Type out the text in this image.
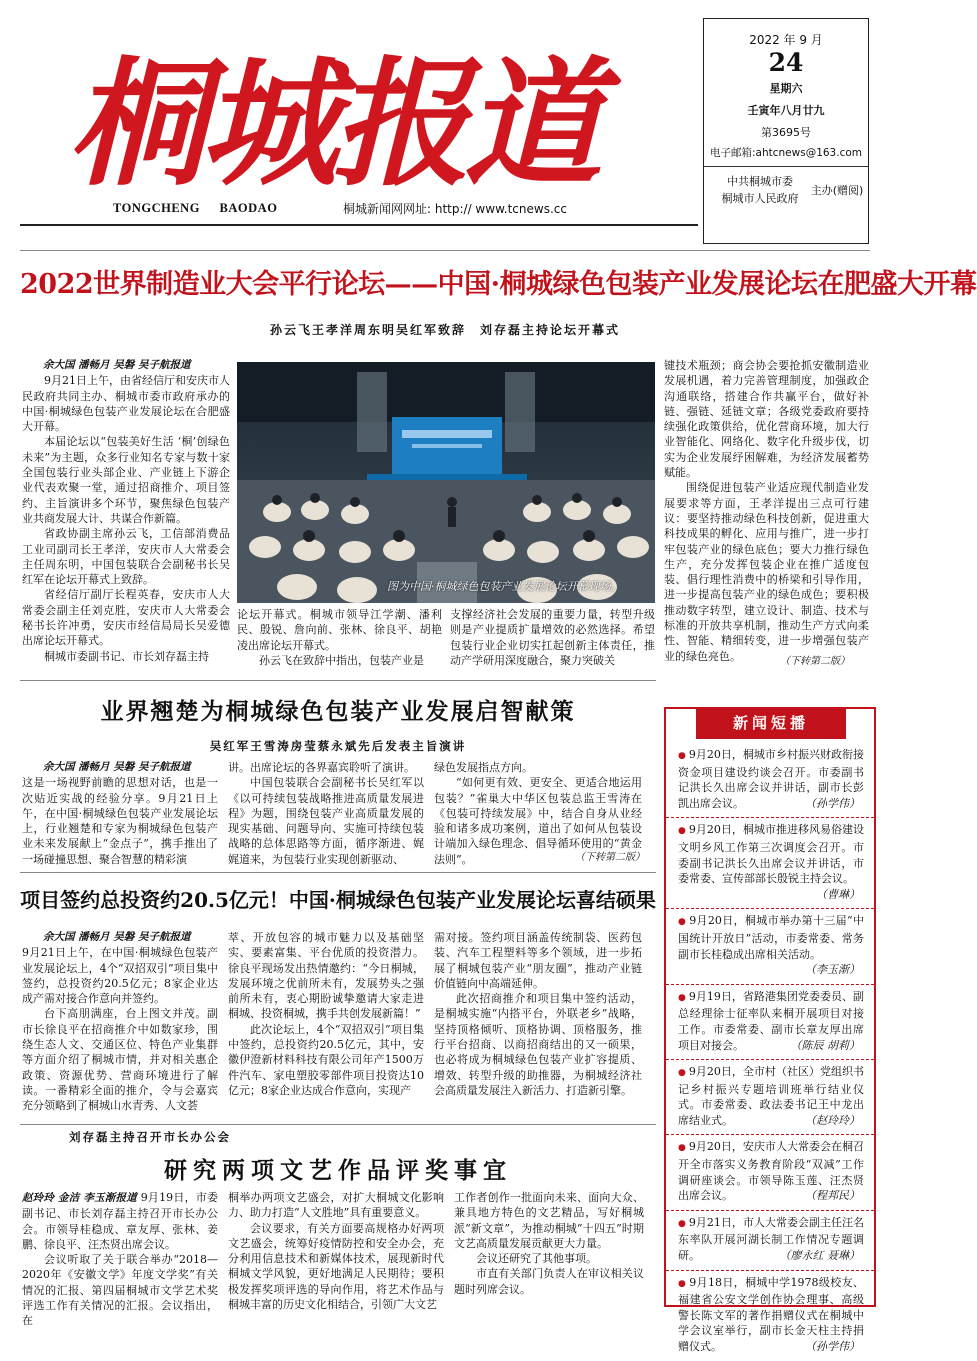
桐城报道
TONGCHENG BAODAO	桐城新闻网网址: http:// www.tcnews.cc
2022 年 9 月
24
星期六
壬寅年八月廿九
第3695号
电子邮箱:ahtcnews@163.com
中共桐城市委
桐城市人民政府
主办(赠阅)
2022世界制造业大会平行论坛——中国·桐城绿色包装产业发展论坛在肥盛大开幕
孙云飞王孝洋周东明吴红军致辞　刘存磊主持论坛开幕式
余大国 潘畅月 吴磐 吴子航报道

9月21日上午，由省经信厅和安庆市人民政府共同主办、桐城市委市政府承办的中国·桐城绿色包装产业发展论坛在合肥盛大开幕。

本届论坛以“包装美好生活 ‘桐’创绿色未来”为主题，众多行业知名专家与数十家全国包装行业头部企业、产业链上下游企业代表欢聚一堂，通过招商推介、项目签约、主旨演讲多个环节，聚焦绿色包装产业共商发展大计、共谋合作新篇。

省政协副主席孙云飞，工信部消费品工业司副司长王孝洋，安庆市人大常委会主任周东明，中国包装联合会副秘书长吴红军在论坛开幕式上致辞。

省经信厅副厅长程英春，安庆市人大常委会副主任刘克胜，安庆市人大常委会秘书长许冲勇，安庆市经信局局长吴爱德出席论坛开幕式。

桐城市委副书记、市长刘存磊主持

图为中国·桐城绿色包装产业发展论坛开幕现场。

论坛开幕式。桐城市领导江学潮、潘利民、殷锐、詹向前、张林、徐良平、胡艳凌出席论坛开幕式。

孙云飞在致辞中指出，包装产业是

支撑经济社会发展的重要力量，转型升级则是产业提质扩量增效的必然选择。希望包装行业企业切实扛起创新主体责任，推动产学研用深度融合，聚力突破关

键技术瓶颈；商会协会要抢抓安徽制造业发展机遇，着力完善管理制度，加强政企沟通联络，搭建合作共赢平台，做好补链、强链、延链文章；各级党委政府要持续强化政策供给，优化营商环境，加大行业智能化、网络化、数字化升级步伐，切实为企业发展纾困解难，为经济发展蓄势赋能。

围绕促进包装产业适应现代制造业发展要求等方面，王孝洋提出三点可行建议：要坚持推动绿色科技创新，促进重大科技成果的孵化、应用与推广，进一步打牢包装产业的绿色底色；要大力推行绿色生产，充分发挥包装企业在推广适度包装、倡行理性消费中的桥梁和引导作用，进一步提高包装产业的绿色成色；要积极推动数字转型，建立设计、制造、技术与标准的开放共享机制，推动生产方式向柔性、智能、精细转变，进一步增强包装产业的绿色亮色。	（下转第二版）
业界翘楚为桐城绿色包装产业发展启智献策
吴红军王雪涛房莹蔡永斌先后发表主旨演讲
余大国 潘畅月 吴磐 吴子航报道

这是一场视野前瞻的思想对话，也是一次贴近实战的经验分享。9月21日上午，在中国·桐城绿色包装产业发展论坛上，行业翘楚和专家为桐城绿色包装产业未来发展献上“金点子”，携手推出了一场碰撞思想、聚合智慧的精彩演

讲。出席论坛的各界嘉宾聆听了演讲。

中国包装联合会副秘书长吴红军以《以可持续包装战略推进高质量发展进程》为题，围绕包装产业高质量发展的现实基础、问题导向、实施可持续包装战略的总体思路等方面，循序渐进、娓娓道来，为包装行业实现创新驱动、

绿色发展指点方向。

“如何更有效、更安全、更适合地运用包装？”雀巢大中华区包装总监王雪涛在《包装可持续发展》中，结合自身从业经验和诸多成功案例，道出了如何从包装设计端加入绿色理念、倡导循环使用的“黄金法则”。	（下转第二版）
项目签约总投资约20.5亿元！中国·桐城绿色包装产业发展论坛喜结硕果
余大国 潘畅月 吴磐 吴子航报道

9月21日上午，在中国·桐城绿色包装产业发展论坛上，4个“双招双引”项目集中签约，总投资约20.5亿元；8家企业达成产需对接合作意向并签约。

台下高朋满座，台上图文并茂。副市长徐良平在招商推介中如数家珍，围绕生态人文、交通区位、特色产业集群等方面介绍了桐城市情，并对相关惠企政策、资源优势、营商环境进行了解读。一番精彩全面的推介，令与会嘉宾充分领略到了桐城山水青秀、人文荟

萃、开放包容的城市魅力以及基础坚实、要素富集、平台优质的投资潜力。徐良平现场发出热情邀约：“今日桐城，发展环境之优前所未有，发展势头之强前所未有，衷心期盼诚挚邀请大家走进桐城、投资桐城，携手共创发展新篇！”

此次论坛上，4个“双招双引”项目集中签约，总投资约20.5亿元，其中，安徽伊澄新材料科技有限公司年产1500万件汽车、家电塑胶零部件项目投资达10亿元；8家企业达成合作意向，实现产

需对接。签约项目涵盖传统制袋、医药包装、汽车工程塑料等多个领域，进一步拓展了桐城包装产业“朋友圈”，推动产业链价值链向中高端延伸。

此次招商推介和项目集中签约活动，是桐城实施“内搭平台，外联老乡”战略，坚持顶格倾听、顶格协调、顶格服务，推行平台招商、以商招商结出的又一硕果，也必将成为桐城绿色包装产业扩容提质、增效、转型升级的助推器，为桐城经济社会高质量发展注入新活力、打造新引擎。

刘存磊主持召开市长办公会
研究两项文艺作品评奖事宜
赵玲玲 金洁 李玉渐报道 9月19日，市委副书记、市长刘存磊主持召开市长办公会。市领导桂稳成、章友厚、张林、姜鹏、徐良平、汪杰贤出席会议。

会议听取了关于联合举办“2018—2020年《安徽文学》年度文学奖”有关情况的汇报、第四届桐城市文学艺术奖评选工作有关情况的汇报。会议指出，在

桐举办两项文艺盛会，对扩大桐城文化影响力、助力打造“人文胜地”具有重要意义。

会议要求，有关方面要高规格办好两项文艺盛会，统筹好疫情防控和安全办会，充分利用信息技术和新媒体技术，展现新时代桐城文学风貌，更好地满足人民期待；要积极发挥奖项评选的导向作用，将艺术作品与桐城丰富的历史文化相结合，引领广大文艺

工作者创作一批面向未来、面向大众、兼具地方特色的文艺精品，写好桐城派“新文章”，为推动桐城“十四五”时期文艺高质量发展贡献更大力量。

会议还研究了其他事项。

市直有关部门负责人在审议相关议题时列席会议。

新闻短播
● 9月20日，桐城市乡村振兴财政衔接资金项目建设约谈会召开。市委副书记洪长久出席会议并讲话，副市长彭凯出席会议。	（孙学伟）
● 9月20日，桐城市推进移风易俗建设文明乡风工作第三次调度会召开。市委副书记洪长久出席会议并讲话，市委常委、宣传部部长殷锐主持会议。
（曹琳）
● 9月20日，桐城市举办第十三届“中国统计开放日”活动，市委常委、常务副市长桂稳成出席相关活动。
（李玉渐）
● 9月19日，省路港集团党委委员、副总经理徐士征率队来桐开展项目对接工作。市委常委、副市长章友厚出席项目对接会。	（陈辰 胡莉）
● 9月20日，全市村（社区）党组织书记乡村振兴专题培训班举行结业仪式。市委常委、政法委书记王中龙出席结业式。	（赵玲玲）
● 9月20日，安庆市人大常委会在桐召开全市落实义务教育阶段“双减”工作调研座谈会。市领导陈玉莲、汪杰贤出席会议。	（程邦民）
● 9月21日，市人大常委会副主任汪名东率队开展河湖长制工作情况专题调研。	（廖永红 聂琳）
● 9月18日，桐城中学1978级校友、福建省公安文学创作协会理事、高级警长陈文军的著作捐赠仪式在桐城中学会议室举行，副市长金天柱主持捐赠仪式。	（孙学伟）
